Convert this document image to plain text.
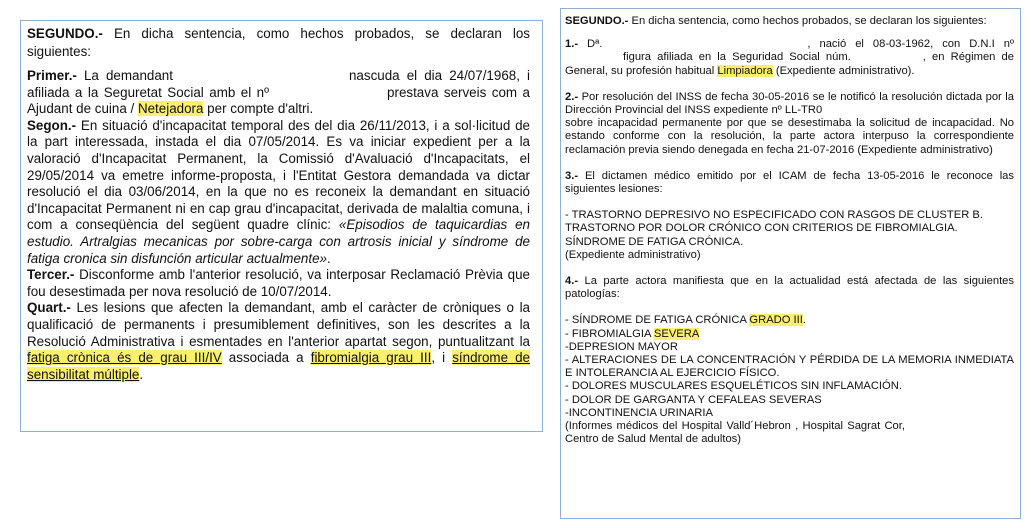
SEGUNDO.- En dicha sentencia, como hechos probados, se declaran los siguientes:

Primer.- La demandant	nascuda el dia 24/07/1968, i afiliada a la Seguretat Social amb el nº	prestava serveis com a Ajudant de cuina / Netejadora per compte d'altri.

Segon.- En situació d'incapacitat temporal des del dia 26/11/2013, i a sol·licitud de la part interessada, instada el dia 07/05/2014. Es va iniciar expedient per a la valoració d'Incapacitat Permanent, la Comissió d'Avaluació d'Incapacitats, el 29/05/2014 va emetre informe-proposta, i l'Entitat Gestora demandada va dictar resolució el dia 03/06/2014, en la que no es reconeix la demandant en situació d'Incapacitat Permanent ni en cap grau d'incapacitat, derivada de malaltia comuna, i com a conseqüència del següent quadre clínic: «Episodios de taquicardias en estudio. Artralgias mecanicas por sobre-carga con artrosis inicial y síndrome de fatiga cronica sin disfunción articular actualmente».

Tercer.- Disconforme amb l'anterior resolució, va interposar Reclamació Prèvia que fou desestimada per nova resolució de 10/07/2014.

Quart.- Les lesions que afecten la demandant, amb el caràcter de cròniques o la qualificació de permanents i presumiblement definitives, son les descrites a la Resolució Administrativa i esmentades en l'anterior apartat segon, puntualitzant la fatiga crònica és de grau III/IV associada a fibromialgia grau III, i síndrome de sensibilitat múltiple.

SEGUNDO.- En dicha sentencia, como hechos probados, se declaran los siguientes:

1.- Dª.	, nació el 08-03-1962, con D.N.I nºfigura afiliada en la Seguridad Social núm.	, en Régimen de General, su profesión habitual Limpiadora (Expediente administrativo).

2.- Por resolución del INSS de fecha 30-05-2016 se le notificó la resolución dictada por la Dirección Provincial del INSS expediente nº LL-TR0
sobre incapacidad permanente por que se desestimaba la solicitud de incapacidad. No estando conforme con la resolución, la parte actora interpuso la correspondiente reclamación previa siendo denegada en fecha 21-07-2016 (Expediente administrativo)

3.- El dictamen médico emitido por el ICAM de fecha 13-05-2016 le reconoce las siguientes lesiones:

- TRASTORNO DEPRESIVO NO ESPECIFICADO CON RASGOS DE CLUSTER B.
TRASTORNO POR DOLOR CRÓNICO CON CRITERIOS DE FIBROMIALGIA.
SÍNDROME DE FATIGA CRÓNICA.
(Expediente administrativo)

4.- La parte actora manifiesta que en la actualidad está afectada de las siguientes patologías:

- SÍNDROME DE FATIGA CRÓNICA GRADO III.
- FIBROMIALGIA SEVERA
-DEPRESION MAYOR
- ALTERACIONES DE LA CONCENTRACIÓN Y PÉRDIDA DE LA MEMORIA INMEDIATA E INTOLERANCIA AL EJERCICIO FÍSICO.
- DOLORES MUSCULARES ESQUELÉTICOS SIN INFLAMACIÓN.
- DOLOR DE GARGANTA Y CEFALEAS SEVERAS
-INCONTINENCIA URINARIA
(Informes médicos del Hospital Valld´Hebron , Hospital Sagrat Cor, Centro de Salud Mental de adultos)
